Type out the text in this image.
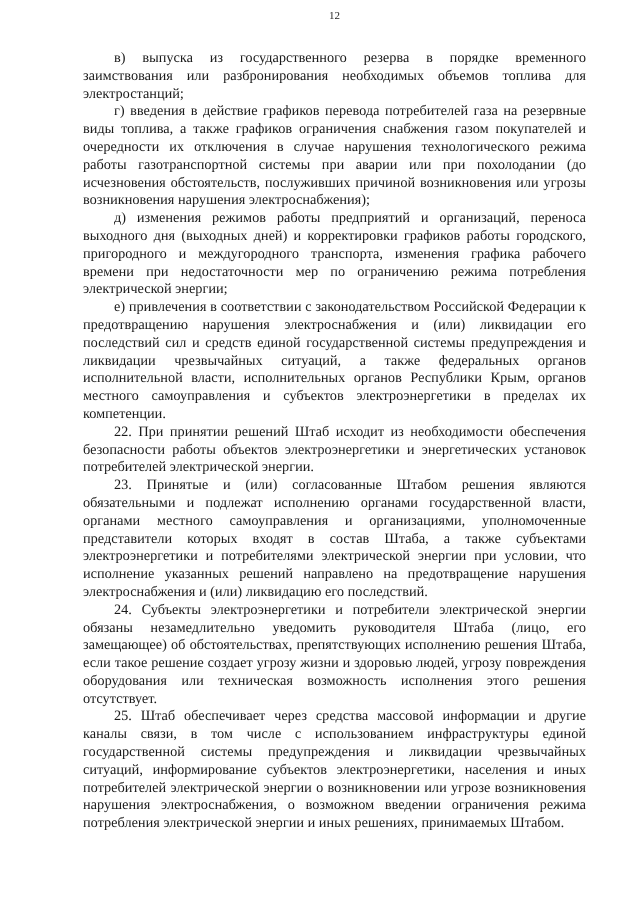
12

в) выпуска из государственного резерва в порядке временного заимствования или разбронирования необходимых объемов топлива для электростанций;

г) введения в действие графиков перевода потребителей газа на резервные виды топлива, а также графиков ограничения снабжения газом покупателей и очередности их отключения в случае нарушения технологического режима работы газотранспортной системы при аварии или при похолодании (до исчезновения обстоятельств, послуживших причиной возникновения или угрозы возникновения нарушения электроснабжения);

д) изменения режимов работы предприятий и организаций, переноса выходного дня (выходных дней) и корректировки графиков работы городского, пригородного и междугородного транспорта, изменения графика рабочего времени при недостаточности мер по ограничению режима потребления электрической энергии;

е) привлечения в соответствии с законодательством Российской Федерации к предотвращению нарушения электроснабжения и (или) ликвидации его последствий сил и средств единой государственной системы предупреждения и ликвидации чрезвычайных ситуаций, а также федеральных органов исполнительной власти, исполнительных органов Республики Крым, органов местного самоуправления и субъектов электроэнергетики в пределах их компетенции.

22. При принятии решений Штаб исходит из необходимости обеспечения безопасности работы объектов электроэнергетики и энергетических установок потребителей электрической энергии.

23. Принятые и (или) согласованные Штабом решения являются обязательными и подлежат исполнению органами государственной власти, органами местного самоуправления и организациями, уполномоченные представители которых входят в состав Штаба, а также субъектами электроэнергетики и потребителями электрической энергии при условии, что исполнение указанных решений направлено на предотвращение нарушения электроснабжения и (или) ликвидацию его последствий.

24. Субъекты электроэнергетики и потребители электрической энергии обязаны незамедлительно уведомить руководителя Штаба (лицо, его замещающее) об обстоятельствах, препятствующих исполнению решения Штаба, если такое решение создает угрозу жизни и здоровью людей, угрозу повреждения оборудования или техническая возможность исполнения этого решения отсутствует.

25. Штаб обеспечивает через средства массовой информации и другие каналы связи, в том числе с использованием инфраструктуры единой государственной системы предупреждения и ликвидации чрезвычайных ситуаций, информирование субъектов электроэнергетики, населения и иных потребителей электрической энергии о возникновении или угрозе возникновения нарушения электроснабжения, о возможном введении ограничения режима потребления электрической энергии и иных решениях, принимаемых Штабом.
